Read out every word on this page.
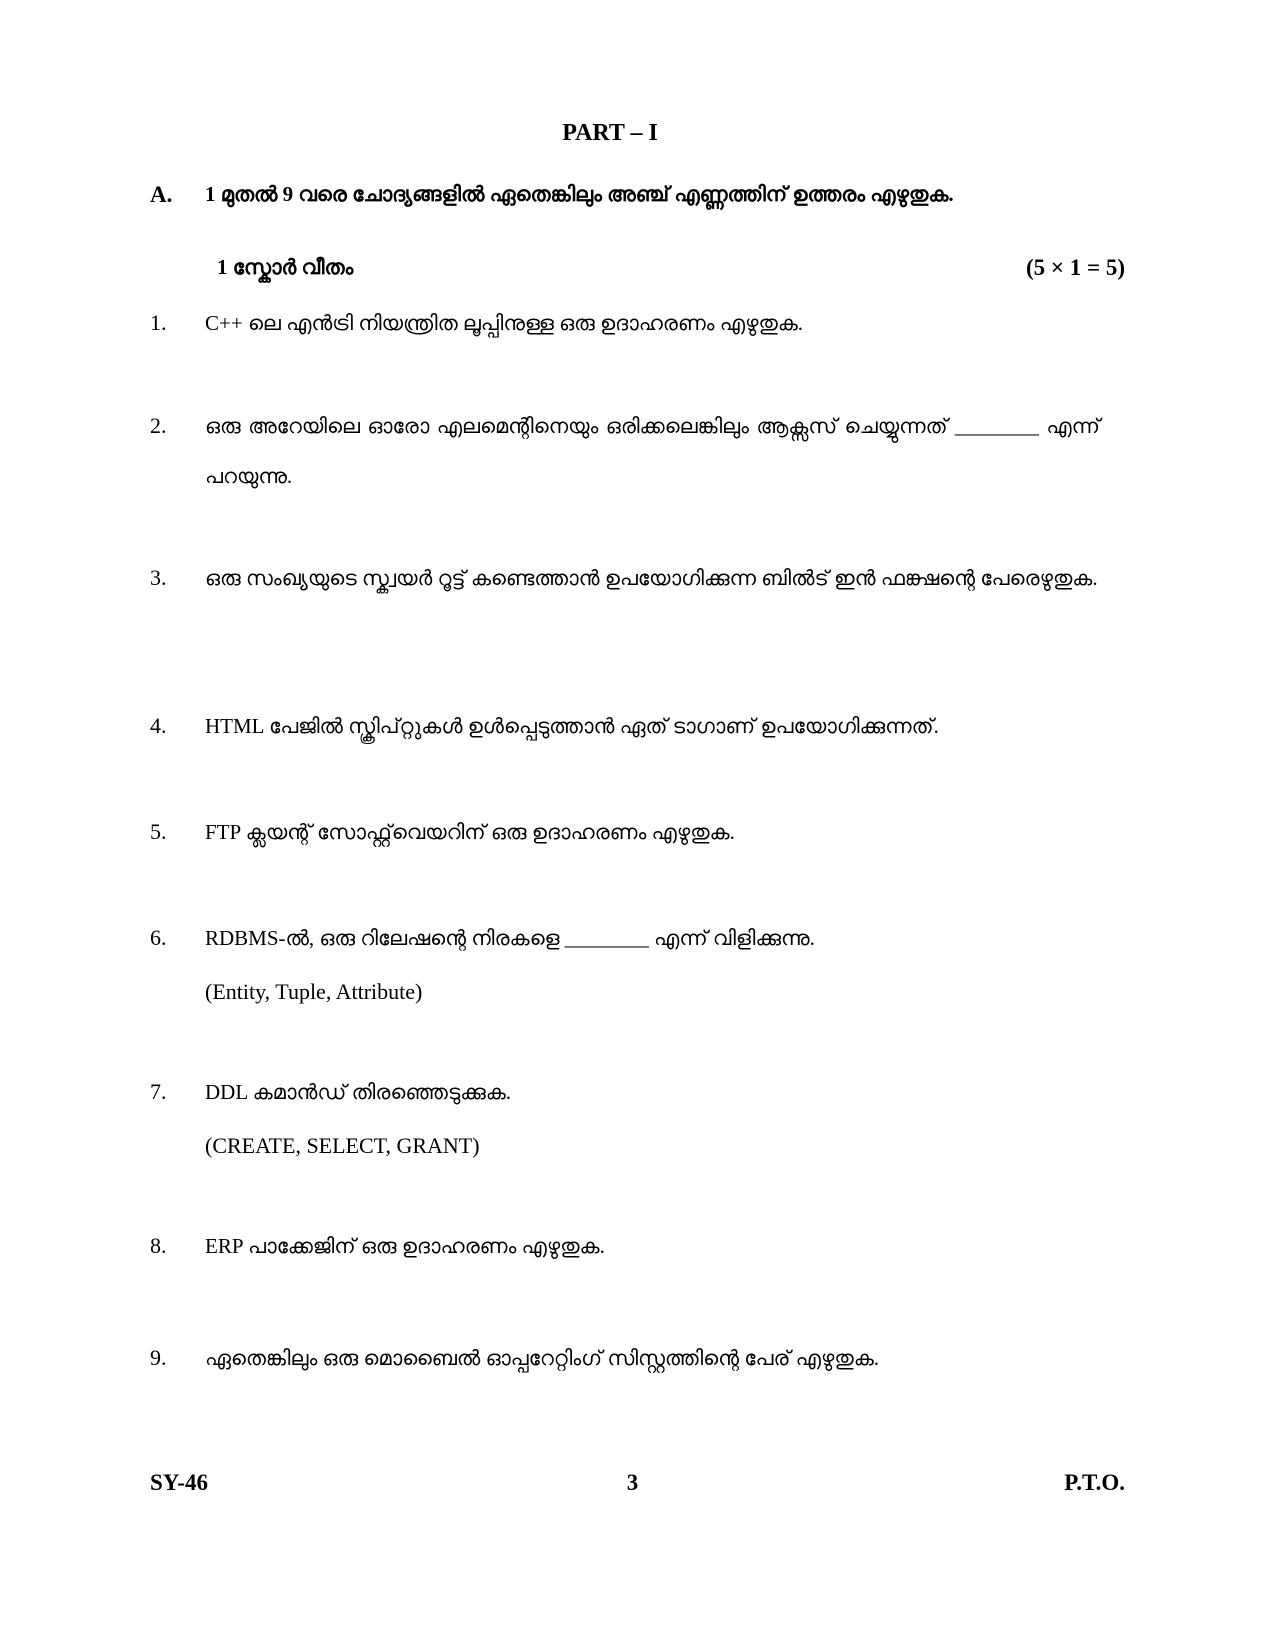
PART – I
A. 1 മുതൽ 9 വരെ ചോദ്യങ്ങളിൽ ഏതെങ്കിലും അഞ്ച് എണ്ണത്തിന് ഉത്തരം എഴുതുക.
1 സ്കോർ വീതം	(5 × 1 = 5)
1. C++ ലെ എൻട്രി നിയന്ത്രിത ലൂപ്പിനുള്ള ഒരു ഉദാഹരണം എഴുതുക.
2. ഒരു അറേയിലെ ഓരോ എലമെന്റിനെയും ഒരിക്കലെങ്കിലും ആക്സസ് ചെയ്യുന്നത് ________ എന്ന് പറയുന്നു.
3. ഒരു സംഖ്യയുടെ സ്ക്വയർ റൂട്ട് കണ്ടെത്താൻ ഉപയോഗിക്കുന്ന ബിൽട് ഇൻ ഫങ്ക്ഷന്റെ പേരെഴുതുക.
4. HTML പേജിൽ സ്ക്രിപ്റ്റുകൾ ഉൾപ്പെടുത്താൻ ഏത് ടാഗാണ് ഉപയോഗിക്കുന്നത്.
5. FTP ക്ലയന്റ് സോഫ്റ്റ്‌വെയറിന് ഒരു ഉദാഹരണം എഴുതുക.
6. RDBMS-ൽ, ഒരു റിലേഷന്റെ നിരകളെ ________ എന്ന് വിളിക്കുന്നു.
(Entity, Tuple, Attribute)
7. DDL കമാൻഡ് തിരഞ്ഞെടുക്കുക.
(CREATE, SELECT, GRANT)
8. ERP പാക്കേജിന് ഒരു ഉദാഹരണം എഴുതുക.
9. ഏതെങ്കിലും ഒരു മൊബൈൽ ഓപ്പറേറ്റിംഗ് സിസ്റ്റത്തിന്റെ പേര് എഴുതുക.
SY-46	3	P.T.O.
